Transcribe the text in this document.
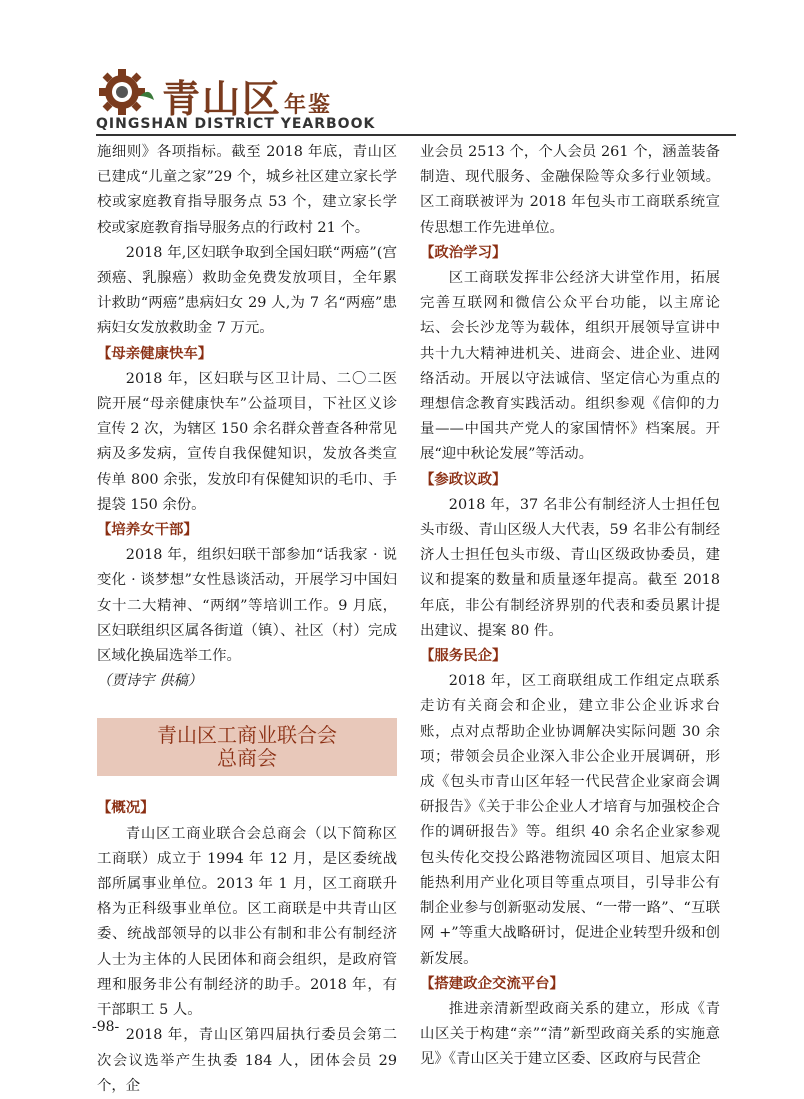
青山区年鉴
QINGSHAN DISTRICT YEARBOOK

施细则》各项指标。截至 2018 年底，青山区已建成“儿童之家”29 个，城乡社区建立家长学校或家庭教育指导服务点 53 个，建立家长学校或家庭教育指导服务点的行政村 21 个。

2018 年,区妇联争取到全国妇联“两癌”(宫颈癌、乳腺癌）救助金免费发放项目，全年累计救助“两癌”患病妇女 29 人,为 7 名“两癌”患病妇女发放救助金 7 万元。

【母亲健康快车】

2018 年，区妇联与区卫计局、二〇二医院开展“母亲健康快车”公益项目，下社区义诊宣传 2 次，为辖区 150 余名群众普查各种常见病及多发病，宣传自我保健知识，发放各类宣传单 800 余张，发放印有保健知识的毛巾、手提袋 150 余份。

【培养女干部】

2018 年，组织妇联干部参加“话我家 · 说变化 · 谈梦想”女性恳谈活动，开展学习中国妇女十二大精神、“两纲”等培训工作。9 月底，区妇联组织区属各街道（镇）、社区（村）完成区域化换届选举工作。

（贾诗宇 供稿）

青山区工商业联合会
总商会
【概况】

青山区工商业联合会总商会（以下简称区工商联）成立于 1994 年 12 月，是区委统战部所属事业单位。2013 年 1 月，区工商联升格为正科级事业单位。区工商联是中共青山区委、统战部领导的以非公有制和非公有制经济人士为主体的人民团体和商会组织，是政府管理和服务非公有制经济的助手。2018 年，有干部职工 5 人。

2018 年，青山区第四届执行委员会第二次会议选举产生执委 184 人，团体会员 29 个，企

业会员 2513 个，个人会员 261 个，涵盖装备制造、现代服务、金融保险等众多行业领域。区工商联被评为 2018 年包头市工商联系统宣传思想工作先进单位。

【政治学习】

区工商联发挥非公经济大讲堂作用，拓展完善互联网和微信公众平台功能，以主席论坛、会长沙龙等为载体，组织开展领导宣讲中共十九大精神进机关、进商会、进企业、进网络活动。开展以守法诚信、坚定信心为重点的理想信念教育实践活动。组织参观《信仰的力量——中国共产党人的家国情怀》档案展。开展“迎中秋论发展”等活动。

【参政议政】

2018 年，37 名非公有制经济人士担任包头市级、青山区级人大代表，59 名非公有制经济人士担任包头市级、青山区级政协委员，建议和提案的数量和质量逐年提高。截至 2018 年底，非公有制经济界别的代表和委员累计提出建议、提案 80 件。

【服务民企】

2018 年，区工商联组成工作组定点联系走访有关商会和企业，建立非公企业诉求台账，点对点帮助企业协调解决实际问题 30 余项；带领会员企业深入非公企业开展调研，形成《包头市青山区年轻一代民营企业家商会调研报告》《关于非公企业人才培育与加强校企合作的调研报告》等。组织 40 余名企业家参观包头传化交投公路港物流园区项目、旭宸太阳能热利用产业化项目等重点项目，引导非公有制企业参与创新驱动发展、“一带一路”、“互联网 +”等重大战略研讨，促进企业转型升级和创新发展。

【搭建政企交流平台】

推进亲清新型政商关系的建立，形成《青山区关于构建“亲”“清”新型政商关系的实施意见》《青山区关于建立区委、区政府与民营企

-98-
